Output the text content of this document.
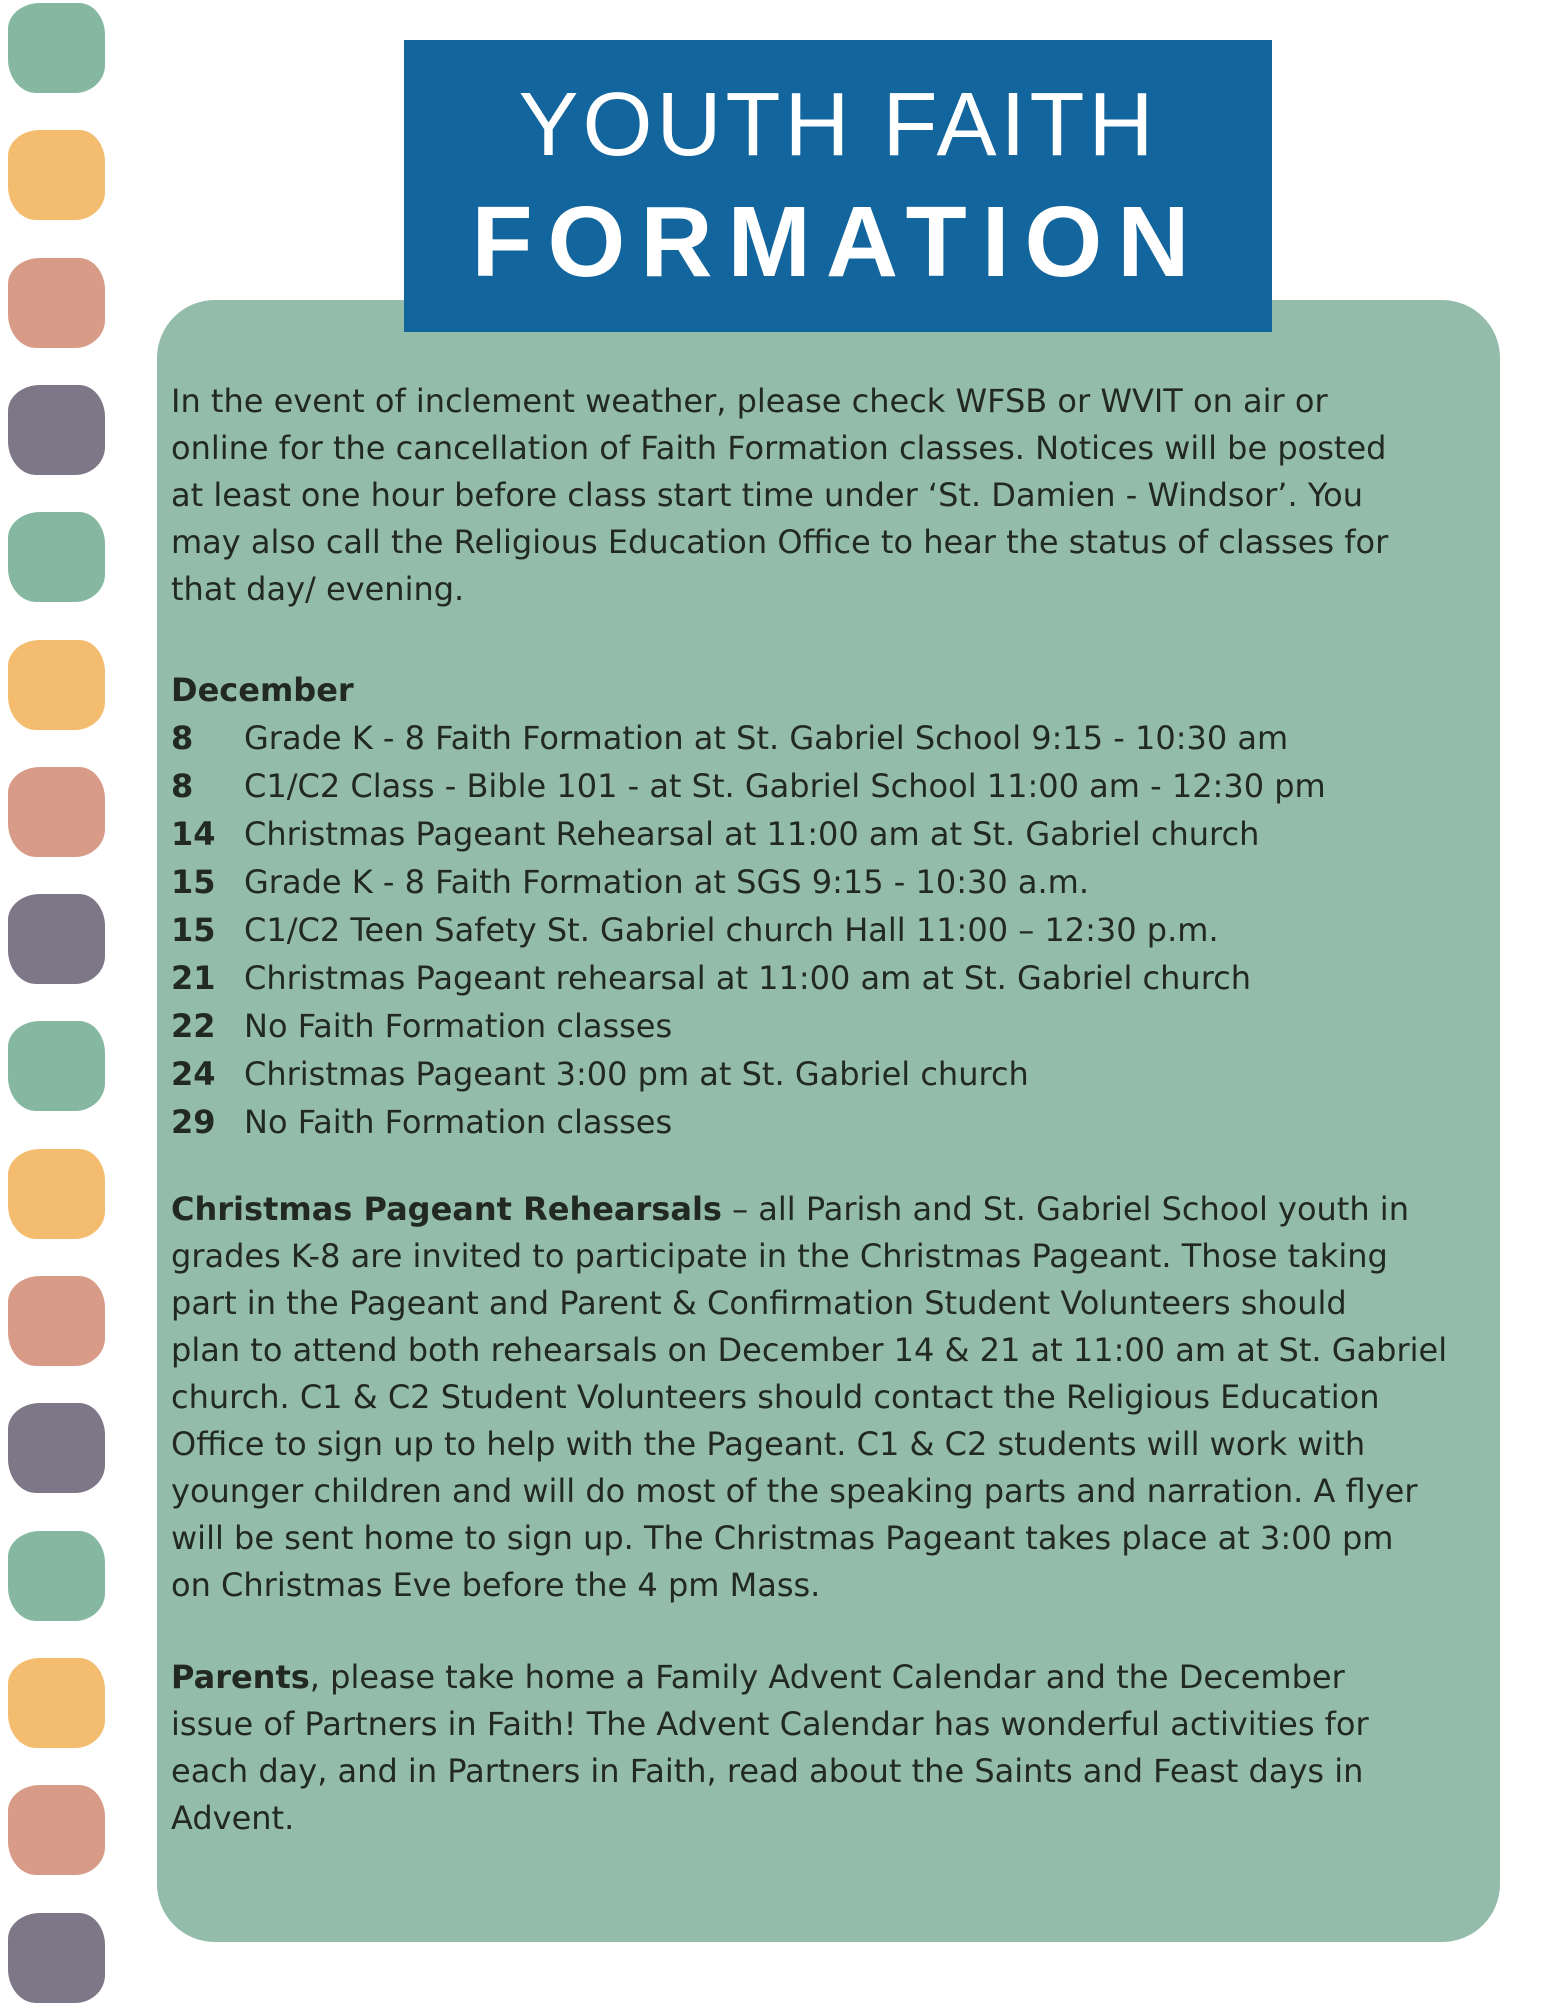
In the event of inclement weather, please check WFSB or WVIT on air or
online for the cancellation of Faith Formation classes. Notices will be posted
at least one hour before class start time under ‘St. Damien - Windsor’. You
may also call the Religious Education Office to hear the status of classes for
that day/ evening.
December
8	Grade K - 8 Faith Formation at St. Gabriel School 9:15 - 10:30 am
8	C1/C2 Class - Bible 101 - at St. Gabriel School 11:00 am - 12:30 pm
14 Christmas Pageant Rehearsal at 11:00 am at St. Gabriel church
15 Grade K - 8 Faith Formation at SGS 9:15 - 10:30 a.m.
15 C1/C2 Teen Safety St. Gabriel church Hall 11:00 – 12:30 p.m.
21 Christmas Pageant rehearsal at 11:00 am at St. Gabriel church
22 No Faith Formation classes
24 Christmas Pageant 3:00 pm at St. Gabriel church
29 No Faith Formation classes
Christmas Pageant Rehearsals – all Parish and St. Gabriel School youth in
grades K-8 are invited to participate in the Christmas Pageant. Those taking
part in the Pageant and Parent & Confirmation Student Volunteers should
plan to attend both rehearsals on December 14 & 21 at 11:00 am at St. Gabriel
church. C1 & C2 Student Volunteers should contact the Religious Education
Office to sign up to help with the Pageant. C1 & C2 students will work with
younger children and will do most of the speaking parts and narration. A flyer
will be sent home to sign up. The Christmas Pageant takes place at 3:00 pm
on Christmas Eve before the 4 pm Mass.
Parents, please take home a Family Advent Calendar and the December
issue of Partners in Faith! The Advent Calendar has wonderful activities for
each day, and in Partners in Faith, read about the Saints and Feast days in
Advent.
YOUTH FAITH
FORMATION
